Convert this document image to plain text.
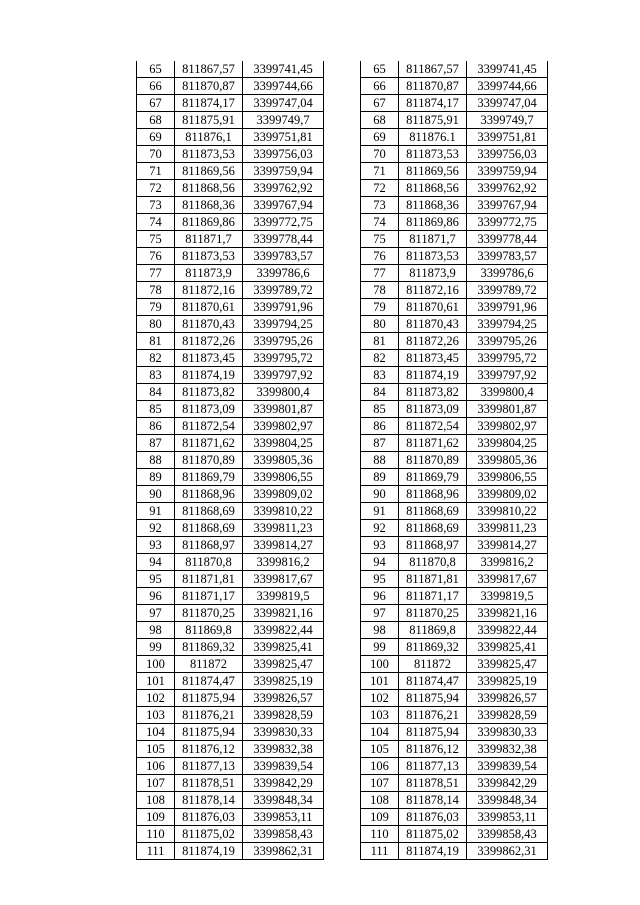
65	811867,57	3399741,45
66	811870,87	3399744,66
67	811874,17	3399747,04
68	811875,91	3399749,7
69	811876,1	3399751,81
70	811873,53	3399756,03
71	811869,56	3399759,94
72	811868,56	3399762,92
73	811868,36	3399767,94
74	811869,86	3399772,75
75	811871,7	3399778,44
76	811873,53	3399783,57
77	811873,9	3399786,6
78	811872,16	3399789,72
79	811870,61	3399791,96
80	811870,43	3399794,25
81	811872,26	3399795,26
82	811873,45	3399795,72
83	811874,19	3399797,92
84	811873,82	3399800,4
85	811873,09	3399801,87
86	811872,54	3399802,97
87	811871,62	3399804,25
88	811870,89	3399805,36
89	811869,79	3399806,55
90	811868,96	3399809,02
91	811868,69	3399810,22
92	811868,69	3399811,23
93	811868,97	3399814,27
94	811870,8	3399816,2
95	811871,81	3399817,67
96	811871,17	3399819,5
97	811870,25	3399821,16
98	811869,8	3399822,44
99	811869,32	3399825,41
100	811872	3399825,47
101	811874,47	3399825,19
102	811875,94	3399826,57
103	811876,21	3399828,59
104	811875,94	3399830,33
105	811876,12	3399832,38
106	811877,13	3399839,54
107	811878,51	3399842,29
108	811878,14	3399848,34
109	811876,03	3399853,11
110	811875,02	3399858,43
111	811874,19	3399862,31
65	811867,57	3399741,45
66	811870,87	3399744,66
67	811874,17	3399747,04
68	811875,91	3399749,7
69	811876.1	3399751,81
70	811873,53	3399756,03
71	811869,56	3399759,94
72	811868,56	3399762,92
73	811868,36	3399767,94
74	811869,86	3399772,75
75	811871,7	3399778,44
76	811873,53	3399783,57
77	811873,9	3399786,6
78	811872,16	3399789,72
79	811870,61	3399791,96
80	811870,43	3399794,25
81	811872,26	3399795,26
82	811873,45	3399795,72
83	811874,19	3399797,92
84	811873,82	3399800,4
85	811873,09	3399801,87
86	811872,54	3399802,97
87	811871,62	3399804,25
88	811870,89	3399805,36
89	811869,79	3399806,55
90	811868,96	3399809,02
91	811868,69	3399810,22
92	811868,69	3399811,23
93	811868,97	3399814,27
94	811870,8	3399816,2
95	811871,81	3399817,67
96	811871,17	3399819,5
97	811870,25	3399821,16
98	811869,8	3399822,44
99	811869,32	3399825,41
100	811872	3399825,47
101	811874,47	3399825,19
102	811875,94	3399826,57
103	811876,21	3399828,59
104	811875,94	3399830,33
105	811876,12	3399832,38
106	811877,13	3399839,54
107	811878,51	3399842,29
108	811878,14	3399848,34
109	811876,03	3399853,11
110	811875,02	3399858,43
111	811874,19	3399862,31
